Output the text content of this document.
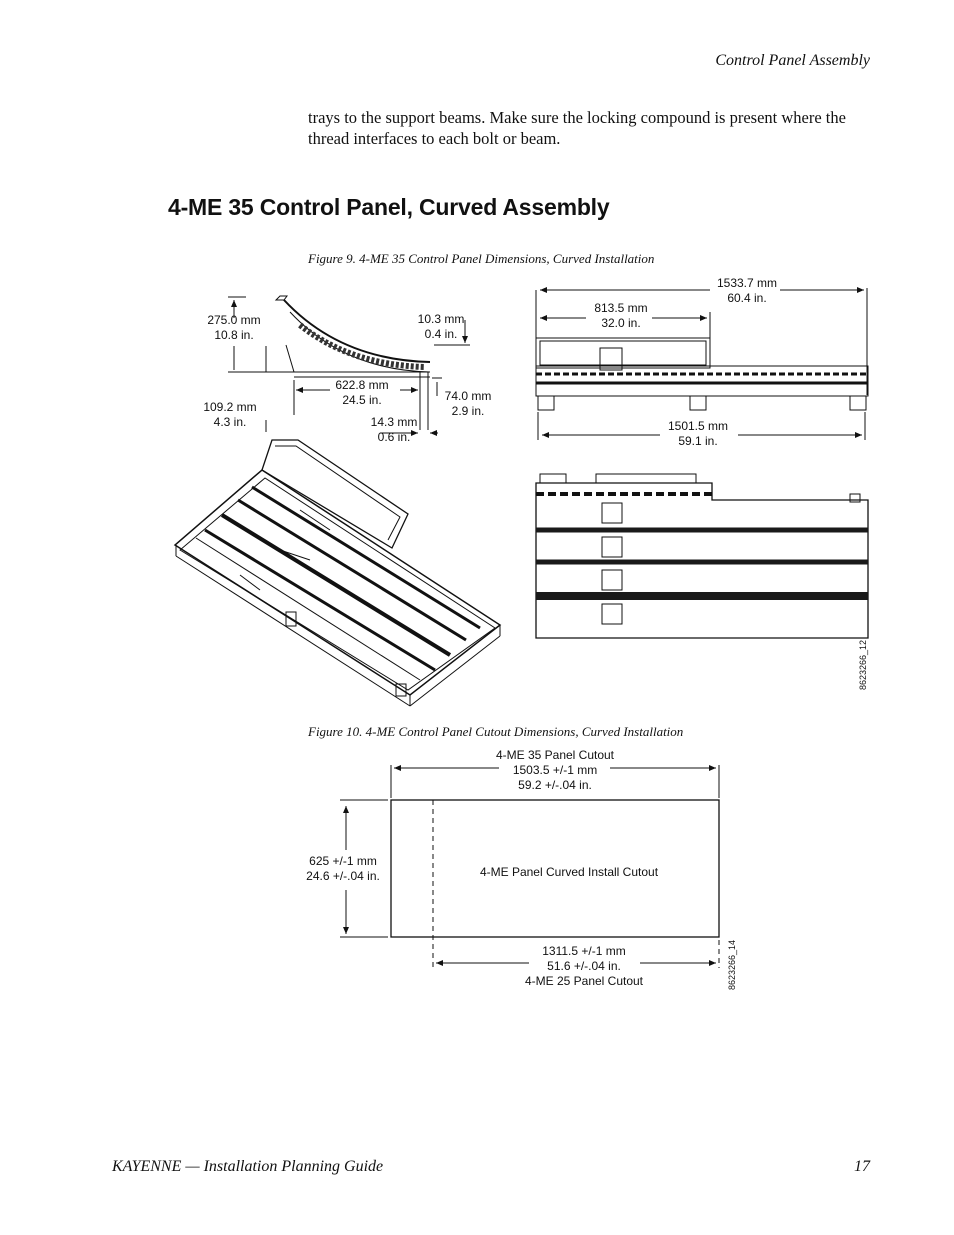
Control Panel Assembly
trays to the support beams. Make sure the locking compound is present where the thread interfaces to each bolt or beam.
4-ME 35 Control Panel, Curved Assembly
Figure 9. 4-ME 35 Control Panel Dimensions, Curved Installation
275.0 mm
10.8 in.
109.2 mm
4.3 in.
622.8 mm
24.5 in.
10.3 mm
0.4 in.
74.0 mm
2.9 in.
14.3 mm
0.6 in.
1533.7 mm
60.4 in.
813.5 mm
32.0 in.
1501.5 mm
59.1 in.
8623266_12
Figure 10. 4-ME Control Panel Cutout Dimensions, Curved Installation
4-ME 35 Panel Cutout
1503.5 +/-1 mm
59.2 +/-.04 in.
625 +/-1 mm
24.6 +/-.04 in.	4-ME Panel Curved Install Cutout
1311.5 +/-1 mm
51.6 +/-.04 in.
4-ME 25 Panel Cutout	8623266_14
KAYENNE — Installation Planning Guide	17
